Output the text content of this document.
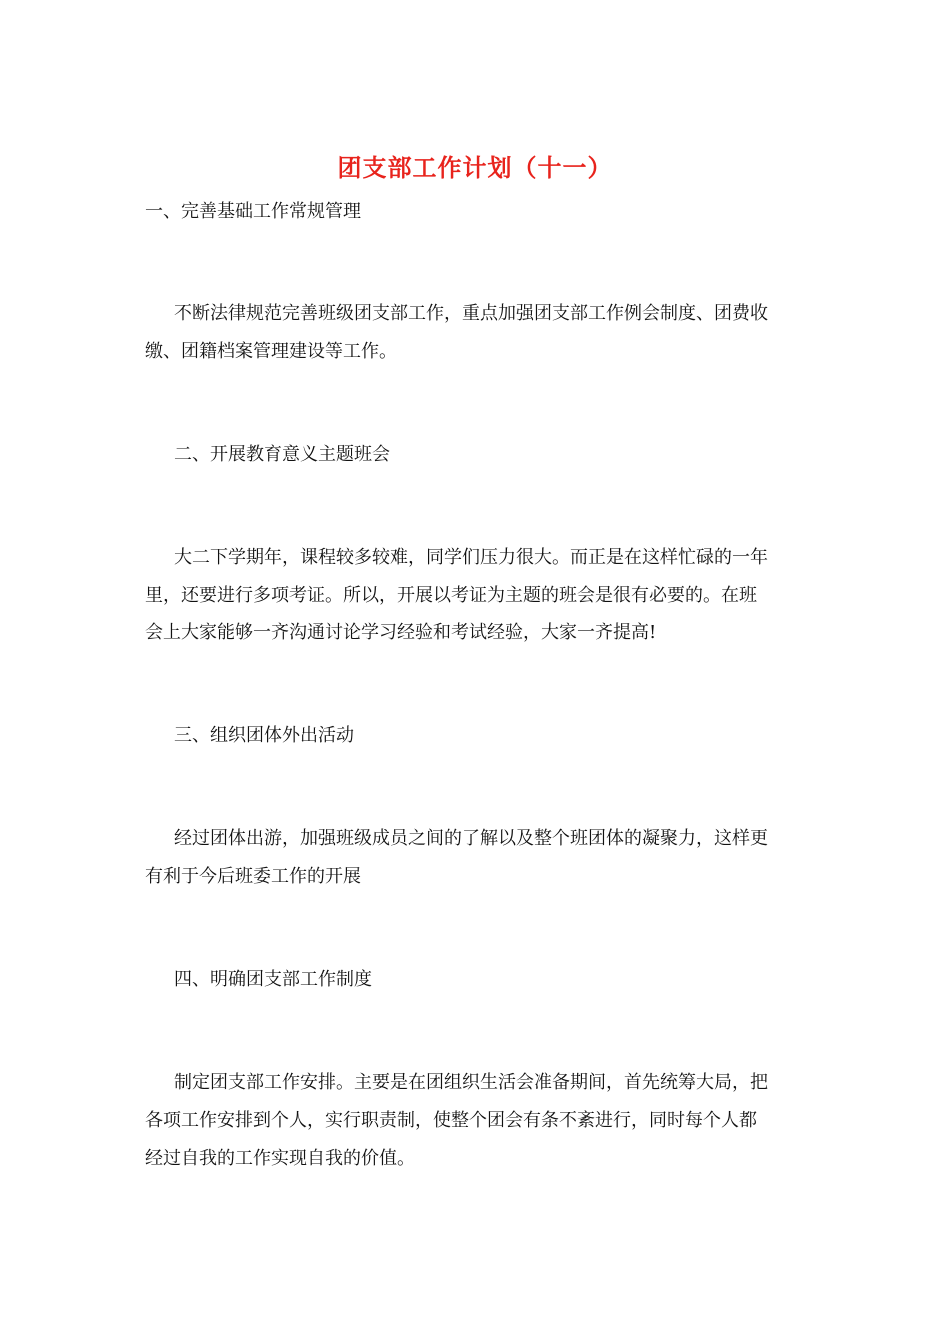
团支部工作计划（十一）
一、完善基础工作常规管理
不断法律规范完善班级团支部工作，重点加强团支部工作例会制度、团费收
缴、团籍档案管理建设等工作。
二、开展教育意义主题班会
大二下学期年，课程较多较难，同学们压力很大。而正是在这样忙碌的一年
里，还要进行多项考证。所以，开展以考证为主题的班会是很有必要的。在班
会上大家能够一齐沟通讨论学习经验和考试经验，大家一齐提高!
三、组织团体外出活动
经过团体出游，加强班级成员之间的了解以及整个班团体的凝聚力，这样更
有利于今后班委工作的开展
四、明确团支部工作制度
制定团支部工作安排。主要是在团组织生活会准备期间，首先统筹大局，把
各项工作安排到个人，实行职责制，使整个团会有条不紊进行，同时每个人都
经过自我的工作实现自我的价值。
